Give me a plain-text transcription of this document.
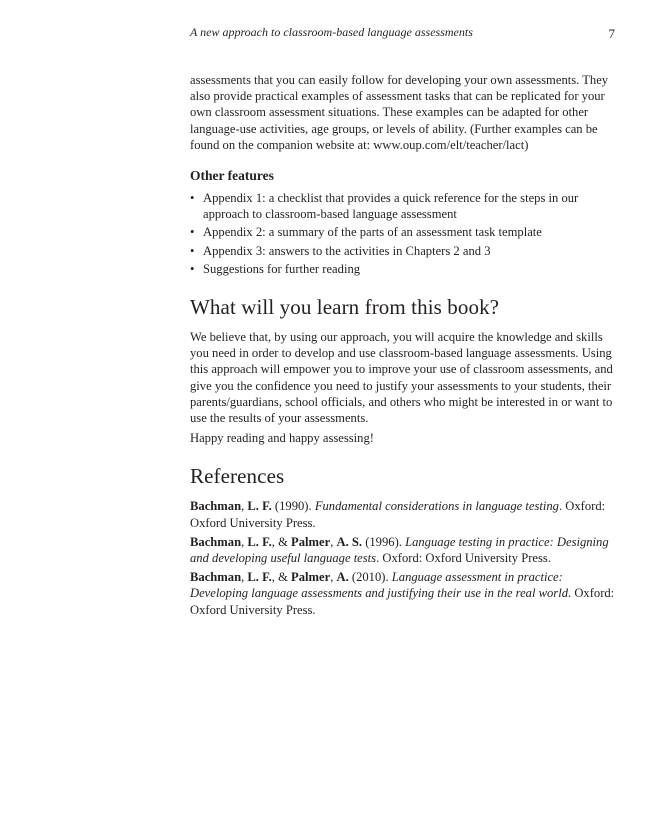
A new approach to classroom-based language assessments	7

assessments that you can easily follow for developing your own assessments. They also provide practical examples of assessment tasks that can be replicated for your own classroom assessment situations. These examples can be adapted for other language-use activities, age groups, or levels of ability. (Further examples can be found on the companion website at: www.oup.com/elt/teacher/lact)

Other features
• Appendix 1: a checklist that provides a quick reference for the steps in our approach to classroom-based language assessment
• Appendix 2: a summary of the parts of an assessment task template
• Appendix 3: answers to the activities in Chapters 2 and 3
• Suggestions for further reading
What will you learn from this book?

We believe that, by using our approach, you will acquire the knowledge and skills you need in order to develop and use classroom-based language assessments. Using this approach will empower you to improve your use of classroom assessments, and give you the confidence you need to justify your assessments to your students, their parents/guardians, school officials, and others who might be interested in or want to use the results of your assessments.

Happy reading and happy assessing!

References

Bachman, L. F. (1990). Fundamental considerations in language testing. Oxford: Oxford University Press.

Bachman, L. F., & Palmer, A. S. (1996). Language testing in practice: Designing and developing useful language tests. Oxford: Oxford University Press.

Bachman, L. F., & Palmer, A. (2010). Language assessment in practice: Developing language assessments and justifying their use in the real world. Oxford: Oxford University Press.
